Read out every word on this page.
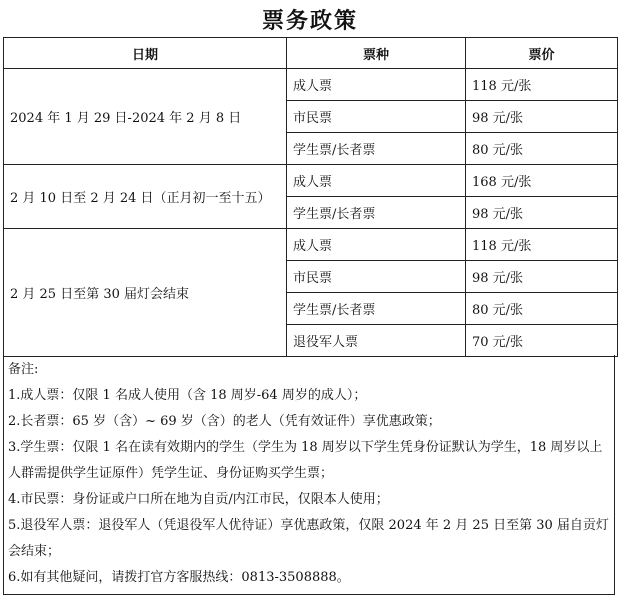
票务政策
日期	票种	票价
2024 年 1 月 29 日-2024 年 2 月 8 日	成人票	118 元/张
	市民票	98 元/张
	学生票/长者票	80 元/张
2 月 10 日至 2 月 24 日（正月初一至十五）	成人票	168 元/张
	学生票/长者票	98 元/张
2 月 25 日至第 30 届灯会结束	成人票	118 元/张
	市民票	98 元/张
	学生票/长者票	80 元/张
	退役军人票	70 元/张

备注:

1.成人票：仅限 1 名成人使用（含 18 周岁-64 周岁的成人）；

2.长者票：65 岁（含）~ 69 岁（含）的老人（凭有效证件）享优惠政策；

3.学生票：仅限 1 名在读有效期内的学生（学生为 18 周岁以下学生凭身份证默认为学生，18 周岁以上人群需提供学生证原件）凭学生证、身份证购买学生票；

4.市民票：身份证或户口所在地为自贡/内江市民，仅限本人使用；

5.退役军人票：退役军人（凭退役军人优待证）享优惠政策，仅限 2024 年 2 月 25 日至第 30 届自贡灯会结束；

6.如有其他疑问，请拨打官方客服热线：0813-3508888。
